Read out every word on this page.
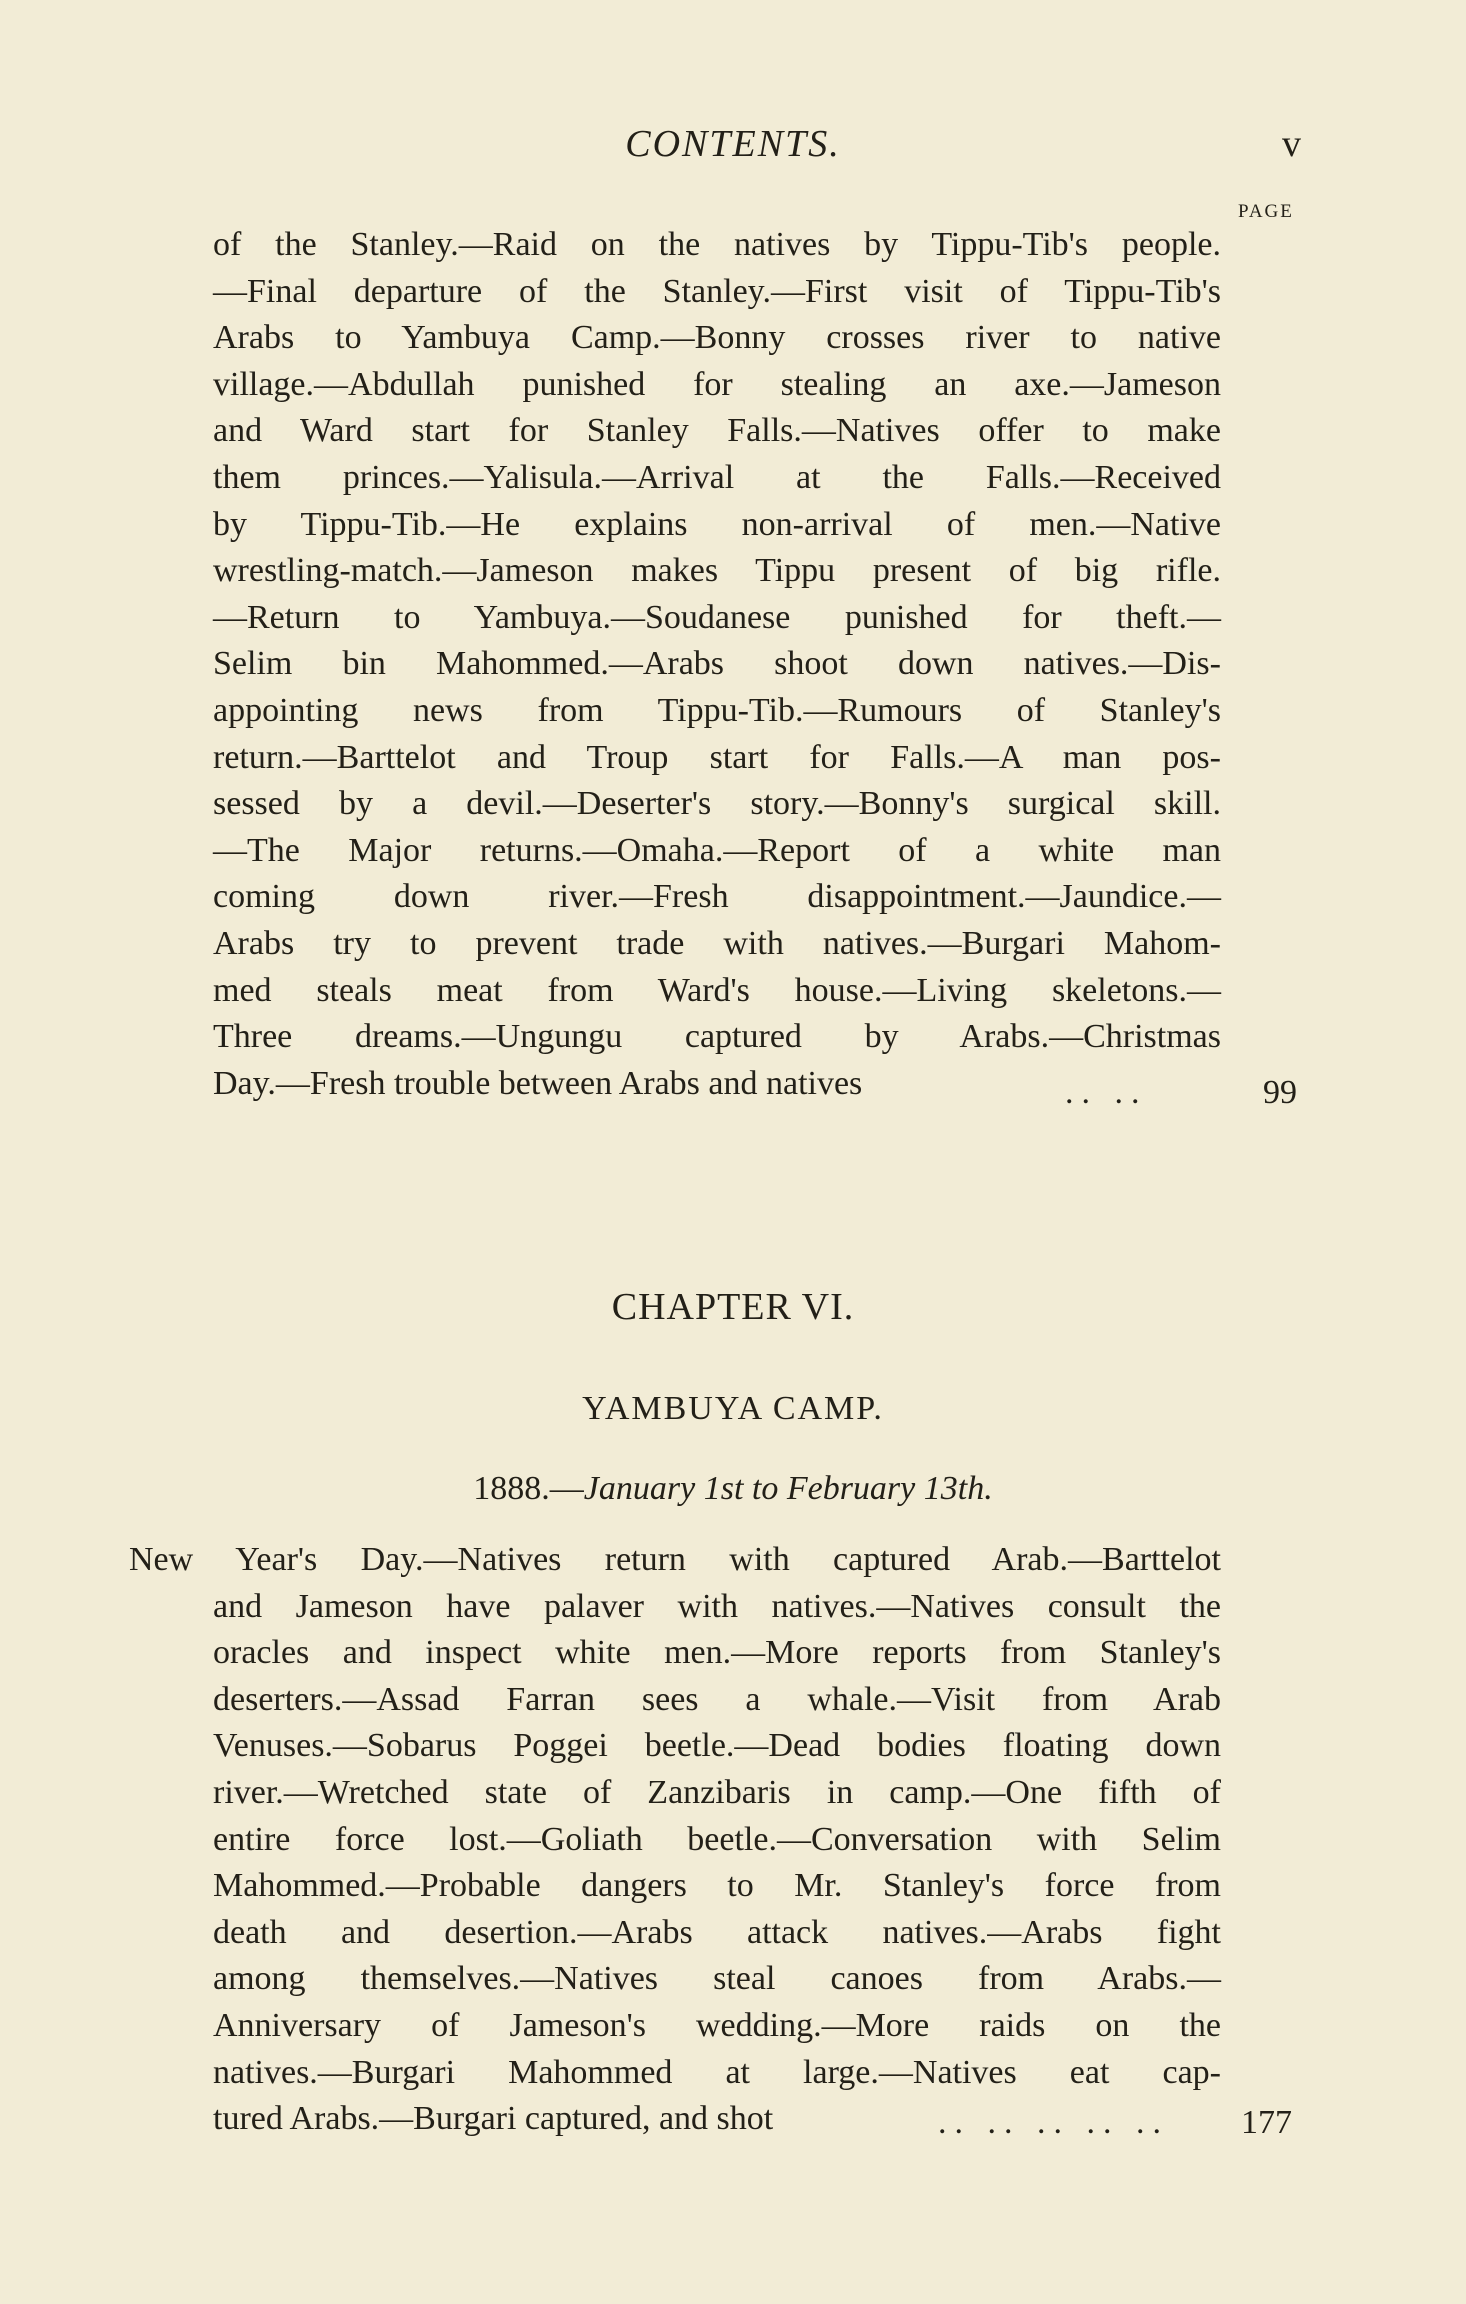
CONTENTS.	v
PAGE
of the Stanley.—Raid on the natives by Tippu-Tib's people.
—Final departure of the Stanley.—First visit of Tippu-Tib's
Arabs to Yambuya Camp.—Bonny crosses river to native
village.—Abdullah punished for stealing an axe.—Jameson
and Ward start for Stanley Falls.—Natives offer to make
them princes.—Yalisula.—Arrival at the Falls.—Received
by Tippu-Tib.—He explains non-arrival of men.—Native
wrestling-match.—Jameson makes Tippu present of big rifle.
—Return to Yambuya.—Soudanese punished for theft.—
Selim bin Mahommed.—Arabs shoot down natives.—Dis-
appointing news from Tippu-Tib.—Rumours of Stanley's
return.—Barttelot and Troup start for Falls.—A man pos-
sessed by a devil.—Deserter's story.—Bonny's surgical skill.
—The Major returns.—Omaha.—Report of a white man
coming down river.—Fresh disappointment.—Jaundice.—
Arabs try to prevent trade with natives.—Burgari Mahom-
med steals meat from Ward's house.—Living skeletons.—
Three dreams.—Ungungu captured by Arabs.—Christmas
Day.—Fresh trouble between Arabs and natives	.. ..	99
CHAPTER VI.
YAMBUYA CAMP.
1888.—January 1st to February 13th.
New Year's Day.—Natives return with captured Arab.—Barttelot
and Jameson have palaver with natives.—Natives consult the
oracles and inspect white men.—More reports from Stanley's
deserters.—Assad Farran sees a whale.—Visit from Arab
Venuses.—Sobarus Poggei beetle.—Dead bodies floating down
river.—Wretched state of Zanzibaris in camp.—One fifth of
entire force lost.—Goliath beetle.—Conversation with Selim
Mahommed.—Probable dangers to Mr. Stanley's force from
death and desertion.—Arabs attack natives.—Arabs fight
among themselves.—Natives steal canoes from Arabs.—
Anniversary of Jameson's wedding.—More raids on the
natives.—Burgari Mahommed at large.—Natives eat cap-
tured Arabs.—Burgari captured, and shot	.. .. .. .. .. 177
